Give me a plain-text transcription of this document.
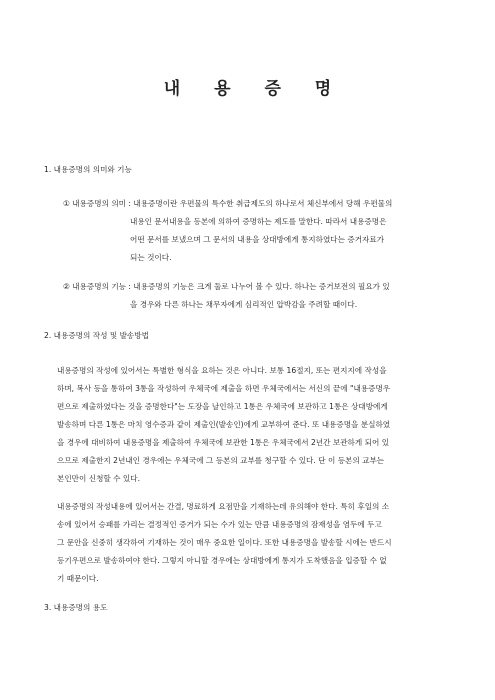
내 용 증 명
1. 내용증명의 의미와 기능
① 내용증명의 의미 : 내용증명이란 우편물의 특수한 취급제도의 하나로서 체신부에서 당해 우편물의
내용인 문서내용을 등본에 의하여 증명하는 제도를 말한다. 따라서 내용증명은
어떤 문서를 보냈으며 그 문서의 내용을 상대방에게 통지하였다는 증거자료가
되는 것이다.
② 내용증명의 기능 : 내용증명의 기능은 크게 둘로 나누어 볼 수 있다. 하나는 증거보전의 필요가 있
을 경우와 다른 하나는 채무자에게 심리적인 압박감을 주려할 때이다.
2. 내용증명의 작성 및 발송방법
내용증명의 작성에 있어서는 특별한 형식을 요하는 것은 아니다. 보통 16절지, 또는 편지지에 작성을
하며, 복사 등을 통하여 3통을 작성하여 우체국에 제출을 하면 우체국에서는 서신의 끝에 "내용증명우
편으로 제출하였다는 것을 증명한다"는 도장을 날인하고 1통은 우체국에 보관하고 1통은 상대방에게
발송하며 다른 1통은 마치 영수증과 같이 제출인(발송인)에게 교부하여 준다. 또 내용증명을 분실하였
을 경우에 대비하여 내용증명을 제출하여 우체국에 보관한 1통은 우체국에서 2년간 보관하게 되어 있
으므로 제출한지 2년내인 경우에는 우체국에 그 등본의 교부를 청구할 수 있다. 단 이 등본의 교부는
본인만이 신청할 수 있다.
내용증명의 작성내용에 있어서는 간결, 명료하게 요점만을 기재하는데 유의해야 한다. 특히 후일의 소
송에 있어서 승패를 가리는 결정적인 증거가 되는 수가 있는 만큼 내용증명의 잠재성을 염두에 두고
그 문안을 신중히 생각하여 기재하는 것이 매우 중요한 일이다. 또한 내용증명을 발송할 시에는 반드시
등기우편으로 발송하여야 한다. 그렇지 아니할 경우에는 상대방에게 통지가 도착했음을 입증할 수 없
기 때문이다.
3. 내용증명의 용도
